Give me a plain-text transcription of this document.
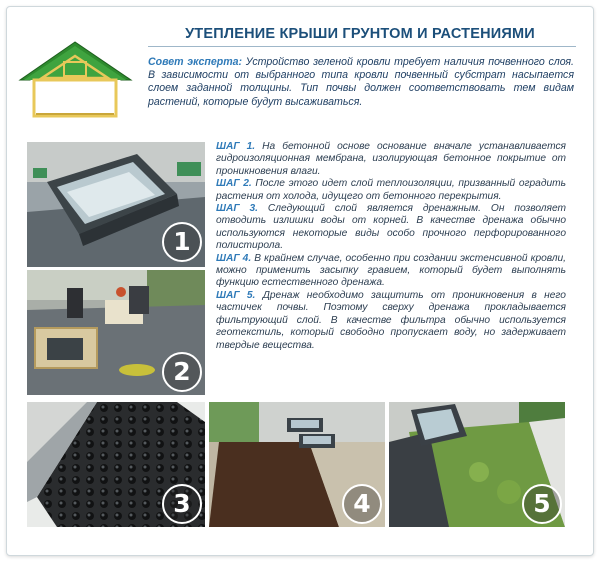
УТЕПЛЕНИЕ КРЫШИ ГРУНТОМ И РАСТЕНИЯМИ
Совет эксперта: Устройство зеленой кровли требует наличия почвенного слоя. В зависимости от выбранного типа кровли почвенный субстрат насыпается слоем заданной толщины. Тип почвы должен соответствовать тем видам растений, которые будут высаживаться.

ШАГ 1. На бетонной основе основание вначале устанавливается гидроизоляционная мембрана, изолирующая бетонное покрытие от проникновения влаги.

ШАГ 2. После этого идет слой теплоизоляции, призванный оградить растения от холода, идущего от бетонного перекрытия.

ШАГ 3. Следующий слой является дренажным. Он позволяет отводить излишки воды от корней. В качестве дренажа обычно используются некоторые виды особо прочного перфорированного полистирола.

ШАГ 4. В крайнем случае, особенно при создании экстенсивной кровли, можно применить засыпку гравием, который будет выполнять функцию естественного дренажа.

ШАГ 5. Дренаж необходимо защитить от проникновения в него частичек почвы. Поэтому сверху дренажа прокладывается фильтрующий слой. В качестве фильтра обычно используется геотекстиль, который свободно пропускает воду, но задерживает твердые вещества.

1
2
3	4	5
